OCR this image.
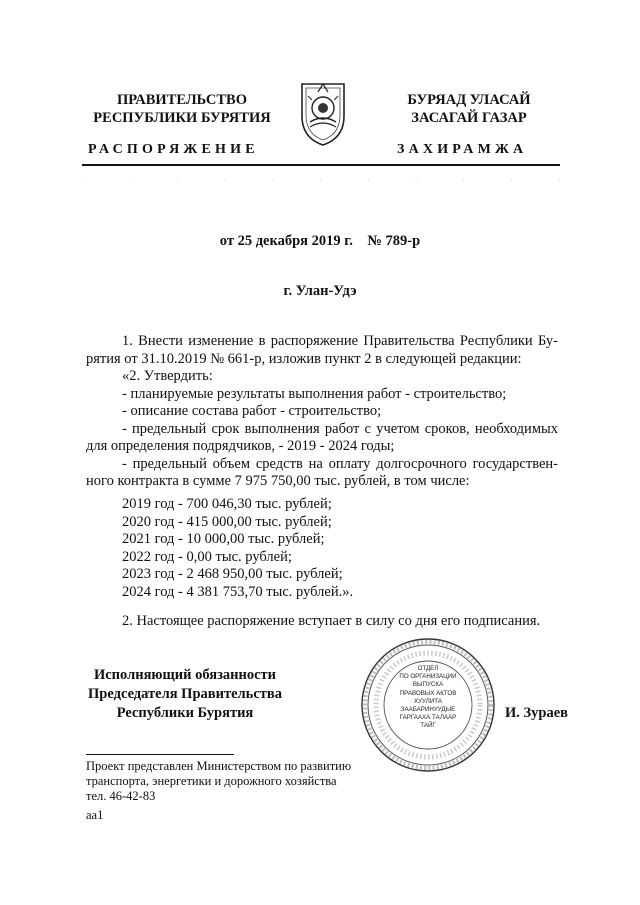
ПРАВИТЕЛЬСТВО
РЕСПУБЛИКИ БУРЯТИЯ
БУРЯАД УЛАСАЙ
ЗАСАГАЙ ГАЗАР
РАСПОРЯЖЕНИЕ	ЗАХИРАМЖА
.	.	.	.	.	.	.	.	.	.	.
от 25 декабря 2019 г.    № 789-р
г. Улан-Удэ
1. Внести изменение в распоряжение Правительства Республики Бу-
рятия от 31.10.2019 № 661-р, изложив пункт 2 в следующей редакции:
«2. Утвердить:
- планируемые результаты выполнения работ - строительство;
- описание состава работ - строительство;
- предельный срок выполнения работ с учетом сроков, необходимых
для определения подрядчиков, - 2019 - 2024 годы;
- предельный объем средств на оплату долгосрочного государствен-
ного контракта в сумме 7 975 750,00 тыс. рублей, в том числе:
2019 год - 700 046,30 тыс. рублей;
2020 год - 415 000,00 тыс. рублей;
2021 год - 10 000,00 тыс. рублей;
2022 год - 0,00 тыс. рублей;
2023 год - 2 468 950,00 тыс. рублей;
2024 год - 4 381 753,70 тыс. рублей.».
2. Настоящее распоряжение вступает в силу со дня его подписания.
Исполняющий обязанности
Председателя Правительства
Республики Бурятия
ОТДЕЛ
ПО ОРГАНИЗАЦИИ
ВЫПУСКА
ПРАВОВЫХ АКТОВ
ХУУЛИТА
ЗААБАРИНУУДЫЕ
ГАРГААХА ТАЛААР
ТАЙГ
И. Зураев
Проект представлен Министерством по развитию
транспорта, энергетики и дорожного хозяйства
тел. 46-42-83
аа1
